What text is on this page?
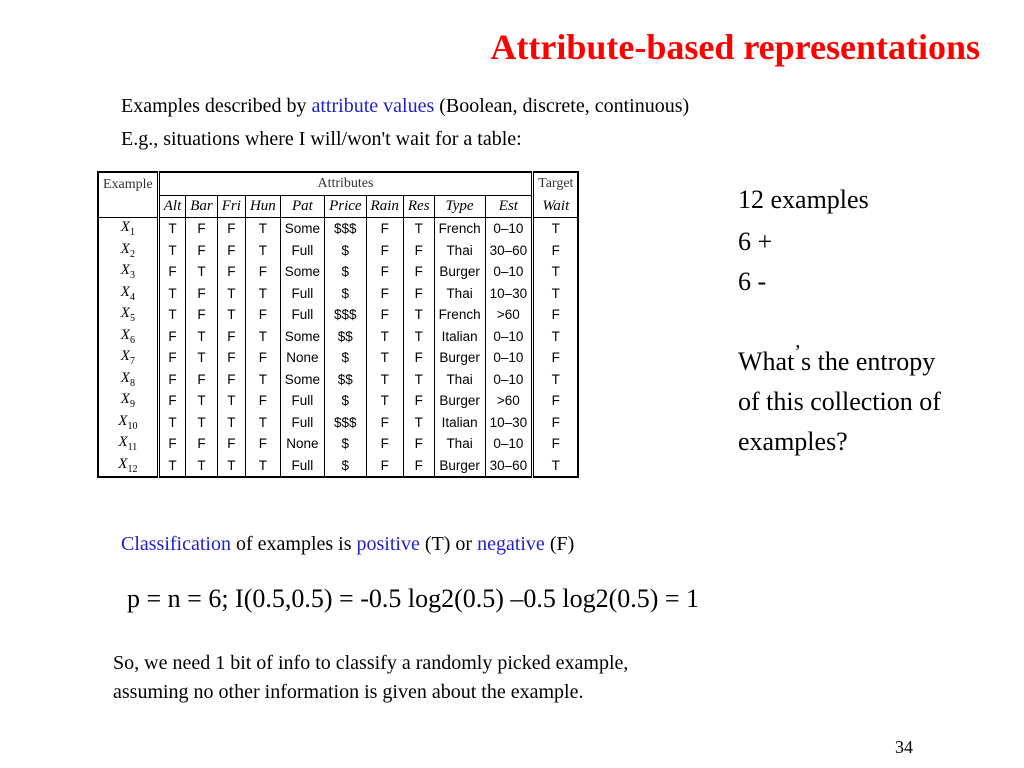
Attribute-based representations
Examples described by attribute values (Boolean, discrete, continuous)
E.g., situations where I will/won't wait for a table:
Example	Attributes										Target
	Alt	Bar	Fri	Hun	Pat	Price	Rain	Res	Type	Est	Wait
$X_1$	T	F	F	T	Some	$$$	F	T	French	0–10	T
$X_2$	T	F	F	T	Full	$	F	F	Thai	30–60	F
$X_3$	F	T	F	F	Some	$	F	F	Burger	0–10	T
$X_4$	T	F	T	T	Full	$	F	F	Thai	10–30	T
$X_5$	T	F	T	F	Full	$$$	F	T	French	>60	F
$X_6$	F	T	F	T	Some	$$	T	T	Italian	0–10	T
$X_7$	F	T	F	F	None	$	T	F	Burger	0–10	F
$X_8$	F	F	F	T	Some	$$	T	T	Thai	0–10	T
$X_9$	F	T	T	F	Full	$	T	F	Burger	>60	F
$X_{10}$	T	T	T	T	Full	$$$	F	T	Italian	10–30	F
$X_{11}$	F	F	F	F	None	$	F	F	Thai	0–10	F
$X_{12}$	T	T	T	T	Full	$	F	F	Burger	30–60	T
12 examples
6 +
6 -
What’s the entropy
of this collection of
examples?
Classification of examples is positive (T) or negative (F)
p = n = 6; I(0.5,0.5) = -0.5 log2(0.5) –0.5 log2(0.5) = 1
So, we need 1 bit of info to classify a randomly picked example,
assuming no other information is given about the example.
34
